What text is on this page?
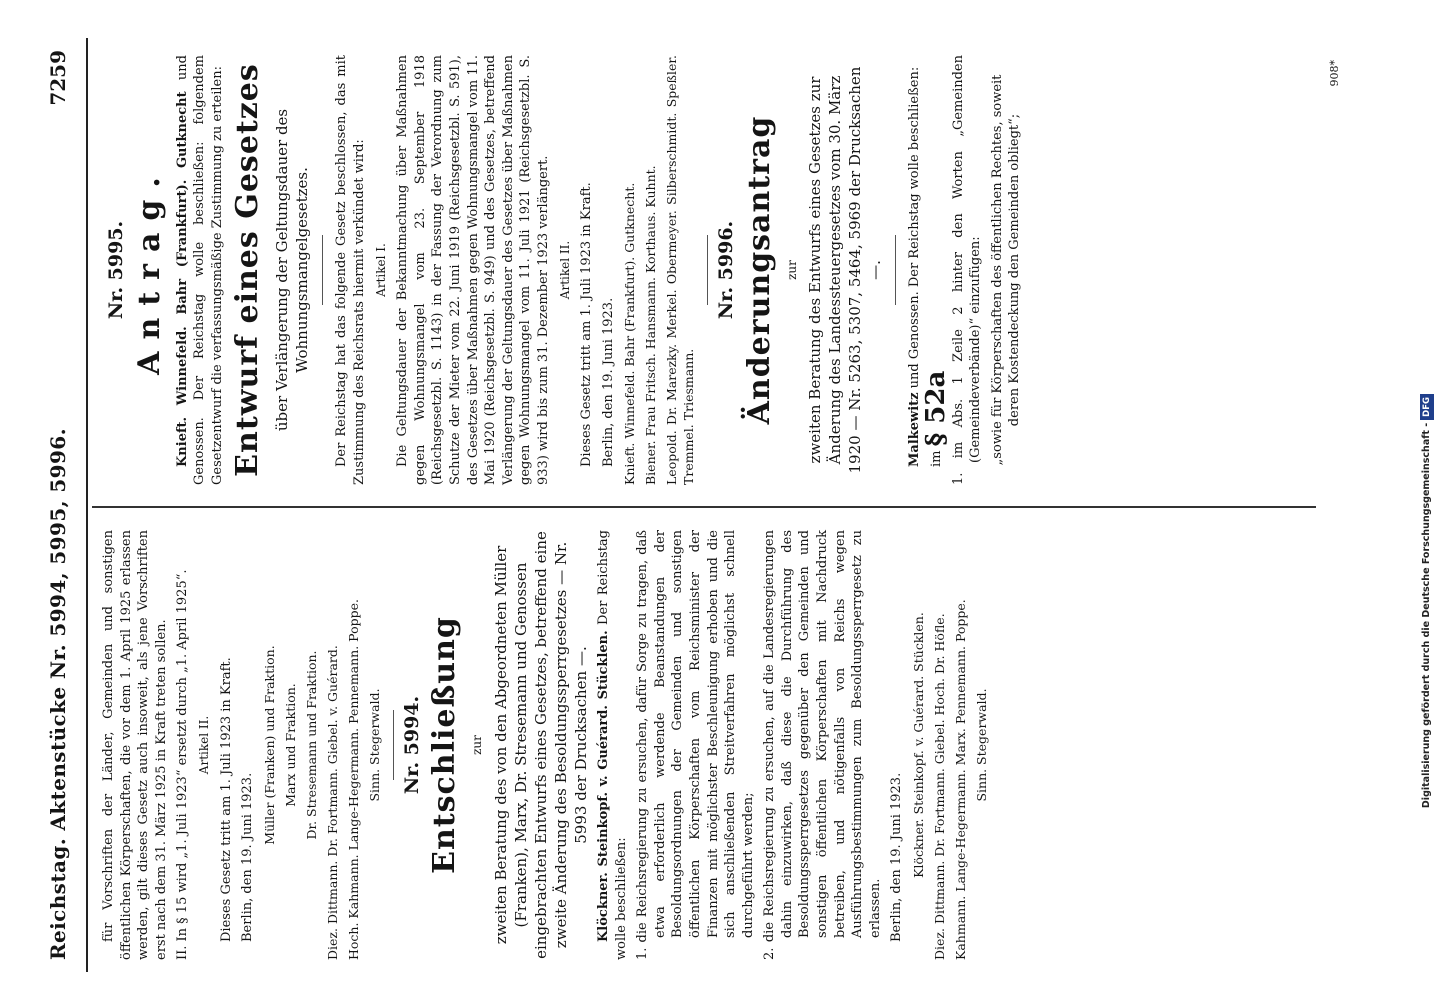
Reichstag. Aktenstücke Nr. 5994, 5995, 5996.
7259

für Vorschriften der Länder, Gemeinden und sonstigen öffentlichen Körperschaften, die vor dem 1. April 1925 erlassen werden, gilt dieses Gesetz auch insoweit, als jene Vorschriften erst nach dem 31. März 1925 in Kraft treten sollen. II. In § 15 wird „1. Juli 1923“ ersetzt durch „1. April 1925“. Artikel II. Dieses Gesetz tritt am 1. Juli 1923 in Kraft. Berlin, den 19. Juni 1923.

Müller (Franken) und Fraktion. Marx und Fraktion. Dr. Stresemann und Fraktion. Diez. Dittmann. Dr. Fortmann. Giebel. v. Guérard. Hoch. Kahmann. Lange-Hegermann. Pennemann. Poppe. Sinn. Stegerwald. Nr. 5994. Entschließung zur zweiten Beratung des von den Abgeordneten Müller (Franken), Marx, Dr. Stresemann und Genossen eingebrachten Entwurfs eines Gesetzes, betreffend eine zweite Änderung des Besoldungssperrgesetzes — Nr. 5993 der Drucksachen —. Klöckner. Steinkopf. v. Guérard. Stücklen. Der Reichstag wolle beschließen: 1. die Reichsregierung zu ersuchen, dafür Sorge zu tragen, daß etwa erforderlich werdende Beanstandungen der Besoldungsordnungen der Gemeinden und sonstigen öffentlichen Körperschaften vom Reichsminister der Finanzen mit möglichster Beschleunigung erhoben und die sich anschließenden Streitverfahren möglichst schnell durchgeführt werden; 2. die Reichsregierung zu ersuchen, auf die Landesregierungen dahin einzuwirken, daß diese die Durchführung des Besoldungssperrgesetzes gegenüber den Gemeinden und sonstigen öffentlichen Körperschaften mit Nachdruck betreiben, und nötigenfalls von Reichs wegen Ausführungsbestimmungen zum Besoldungssperrgesetz zu erlassen. Berlin, den 19. Juni 1923. Klöckner. Steinkopf. v. Guérard. Stücklen. Diez. Dittmann. Dr. Fortmann. Giebel. Hoch. Dr. Höfle. Kahmann. Lange-Hegermann. Marx. Pennemann. Poppe. Sinn. Stegerwald.

Nr. 5995. Antrag. Knieft. Winnefeld. Bahr (Frankfurt). Gutknecht und Genossen. Der Reichstag wolle beschließen: folgendem Gesetzentwurf die verfassungsmäßige Zustimmung zu erteilen: Entwurf eines Gesetzes über Verlängerung der Geltungsdauer des Wohnungsmangelgesetzes. Der Reichstag hat das folgende Gesetz beschlossen, das mit Zustimmung des Reichsrats hiermit verkündet wird: Artikel I. Die Geltungsdauer der Bekanntmachung über Maßnahmen gegen Wohnungsmangel vom 23. September 1918 (Reichsgesetzbl. S. 1143) in der Fassung der Verordnung zum Schutze der Mieter vom 22. Juni 1919 (Reichsgesetzbl. S. 591), des Gesetzes über Maßnahmen gegen Wohnungsmangel vom 11. Mai 1920 (Reichsgesetzbl. S. 949) und des Gesetzes, betreffend Verlängerung der Geltungsdauer des Gesetzes über Maßnahmen gegen Wohnungsmangel vom 11. Juli 1921 (Reichsgesetzbl. S. 933) wird bis zum 31. Dezember 1923 verlängert. Artikel II. Dieses Gesetz tritt am 1. Juli 1923 in Kraft. Berlin, den 19. Juni 1923. Knieft. Winnefeld. Bahr (Frankfurt). Gutknecht. Biener. Frau Fritsch. Hansmann. Korthaus. Kuhnt. Leopold. Dr. Marezky. Merkel. Obermeyer. Silberschmidt. Speßler. Tremmel. Triesmann.

Nr. 5996. Änderungsantrag zur zweiten Beratung des Entwurfs eines Gesetzes zur Änderung des Landessteuergesetzes vom 30. März 1920 — Nr. 5263, 5307, 5464, 5969 der Drucksachen —.

Malkewitz und Genossen. Der Reichstag wolle beschließen:

im § 52a 1. im Abs. 1 Zeile 2 hinter den Worten „Gemeinden (Gemeindeverbände)“ einzufügen: „sowie für Körperschaften des öffentlichen Rechtes, soweit deren Kostendeckung den Gemeinden obliegt“;

908*
Digitalisierung gefördert durch die Deutsche Forschungsgemeinschaft -DFG
